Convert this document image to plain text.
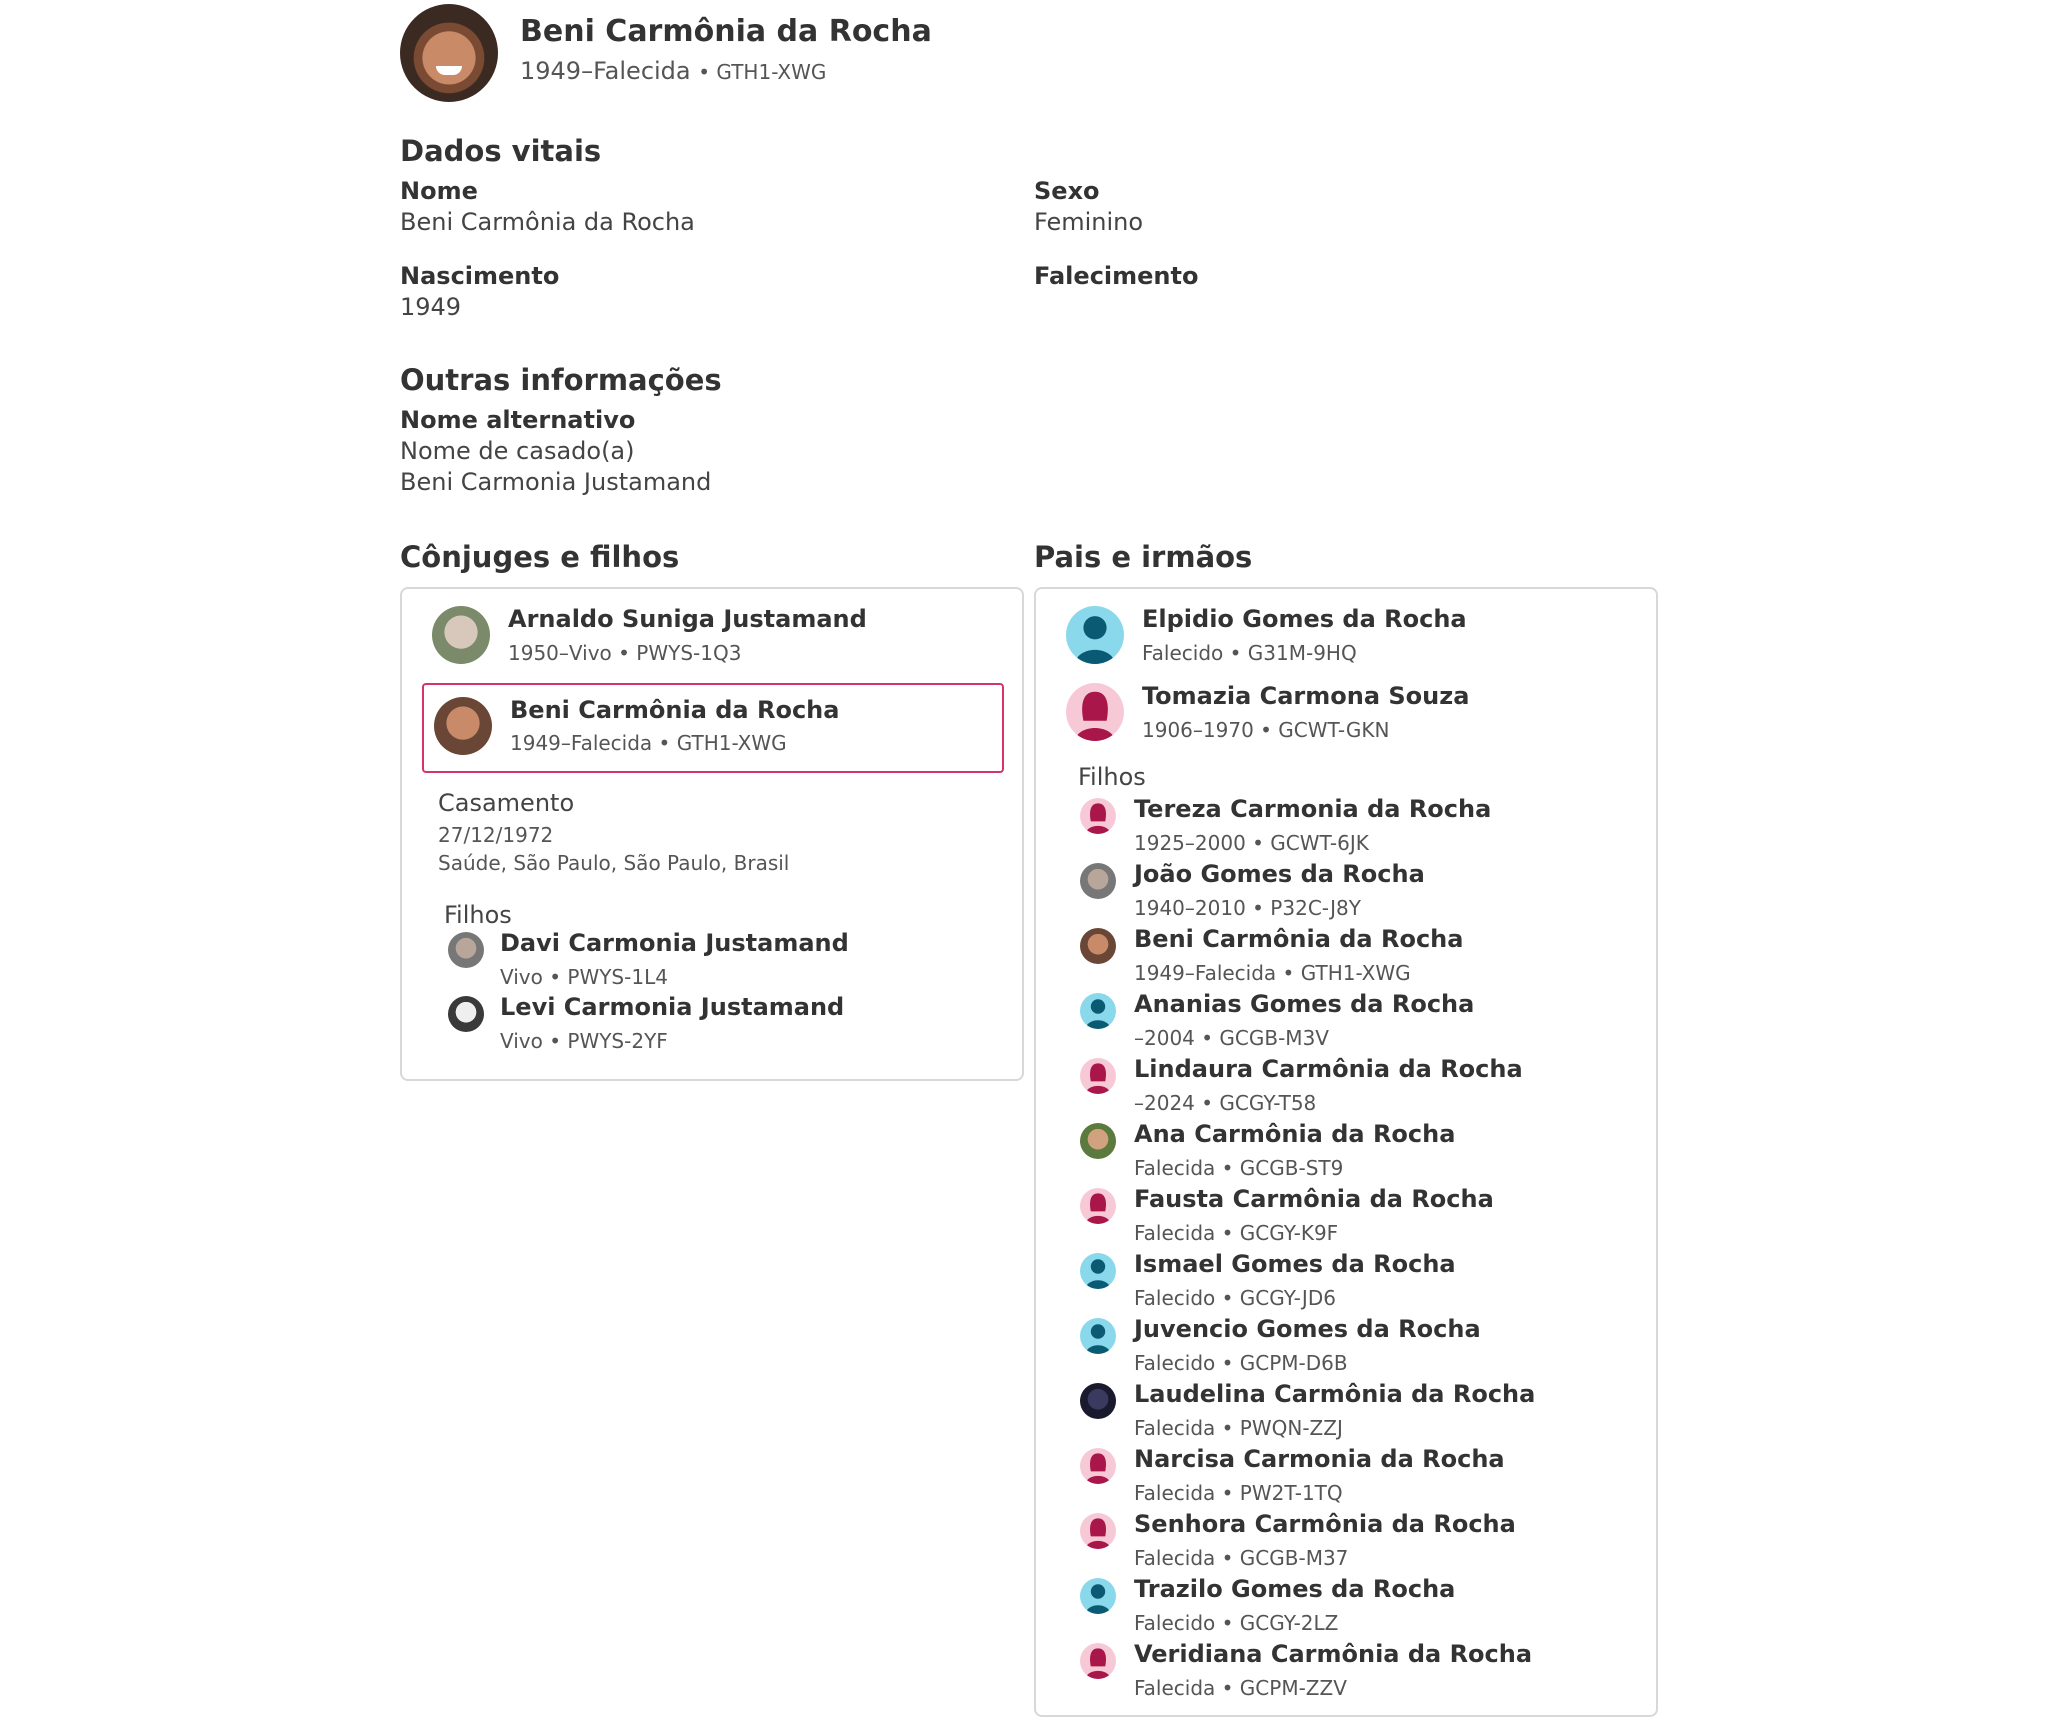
Beni Carmônia da Rocha
1949–Falecida • GTH1-XWG
Dados vitais
Nome
Beni Carmônia da Rocha
Sexo
Feminino
Nascimento
1949
Falecimento
Outras informações
Nome alternativo
Nome de casado(a)
Beni Carmonia Justamand
Cônjuges e filhos
Arnaldo Suniga Justamand
1950–Vivo • PWYS-1Q3
Beni Carmônia da Rocha
1949–Falecida • GTH1-XWG
Casamento
27/12/1972
Saúde, São Paulo, São Paulo, Brasil
Filhos
Davi Carmonia Justamand
Vivo • PWYS-1L4
Levi Carmonia Justamand
Vivo • PWYS-2YF
Pais e irmãos
Elpidio Gomes da Rocha
Falecido • G31M-9HQ
Tomazia Carmona Souza
1906–1970 • GCWT-GKN
Filhos
Tereza Carmonia da Rocha
1925–2000 • GCWT-6JK
João Gomes da Rocha
1940–2010 • P32C-J8Y
Beni Carmônia da Rocha
1949–Falecida • GTH1-XWG
Ananias Gomes da Rocha
–2004 • GCGB-M3V
Lindaura Carmônia da Rocha
–2024 • GCGY-T58
Ana Carmônia da Rocha
Falecida • GCGB-ST9
Fausta Carmônia da Rocha
Falecida • GCGY-K9F
Ismael Gomes da Rocha
Falecido • GCGY-JD6
Juvencio Gomes da Rocha
Falecido • GCPM-D6B
Laudelina Carmônia da Rocha
Falecida • PWQN-ZZJ
Narcisa Carmonia da Rocha
Falecida • PW2T-1TQ
Senhora Carmônia da Rocha
Falecida • GCGB-M37
Trazilo Gomes da Rocha
Falecido • GCGY-2LZ
Veridiana Carmônia da Rocha
Falecida • GCPM-ZZV
